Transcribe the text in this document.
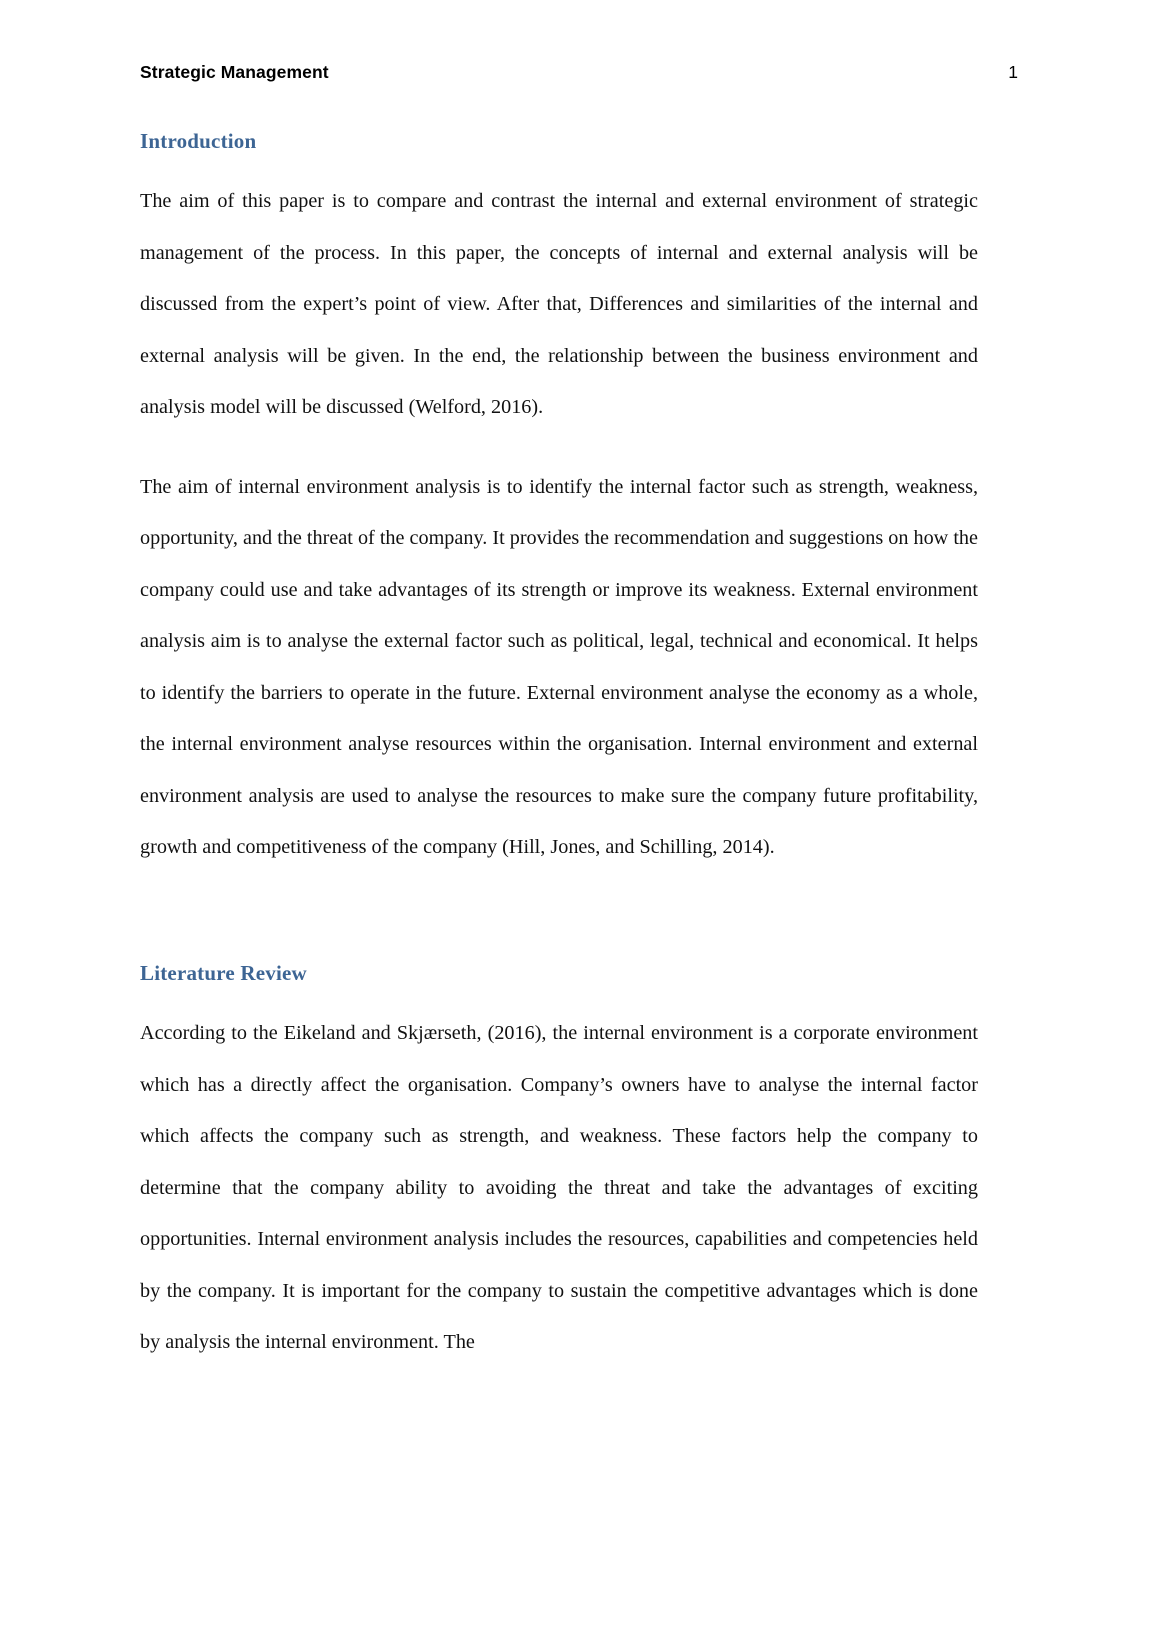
Strategic Management	1
Introduction

The aim of this paper is to compare and contrast the internal and external environment of strategic management of the process. In this paper, the concepts of internal and external analysis will be discussed from the expert’s point of view. After that, Differences and similarities of the internal and external analysis will be given. In the end, the relationship between the business environment and analysis model will be discussed (Welford, 2016).

The aim of internal environment analysis is to identify the internal factor such as strength, weakness, opportunity, and the threat of the company. It provides the recommendation and suggestions on how the company could use and take advantages of its strength or improve its weakness. External environment analysis aim is to analyse the external factor such as political, legal, technical and economical. It helps to identify the barriers to operate in the future. External environment analyse the economy as a whole, the internal environment analyse resources within the organisation. Internal environment and external environment analysis are used to analyse the resources to make sure the company future profitability, growth and competitiveness of the company (Hill, Jones, and Schilling, 2014).

Literature Review

According to the Eikeland and Skjærseth, (2016), the internal environment is a corporate environment which has a directly affect the organisation. Company’s owners have to analyse the internal factor which affects the company such as strength, and weakness. These factors help the company to determine that the company ability to avoiding the threat and take the advantages of exciting opportunities. Internal environment analysis includes the resources, capabilities and competencies held by the company. It is important for the company to sustain the competitive advantages which is done by analysis the internal environment. The
